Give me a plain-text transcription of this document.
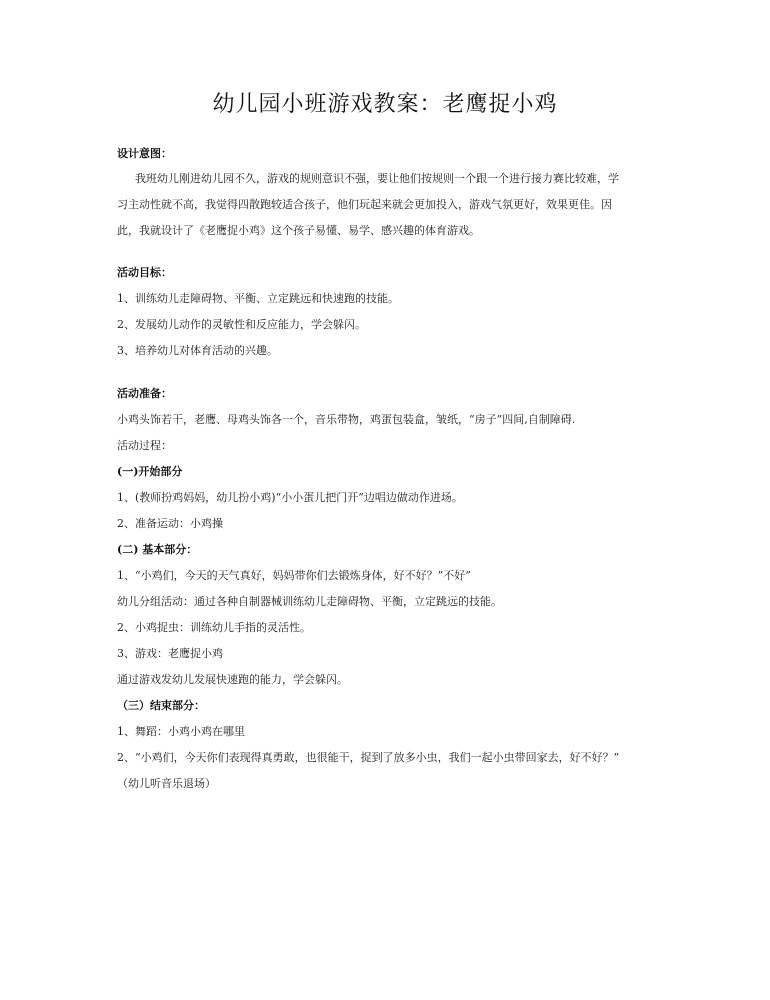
幼儿园小班游戏教案：老鹰捉小鸡
设计意图：
我班幼儿刚进幼儿园不久，游戏的规则意识不强，要让他们按规则一个跟一个进行接力赛比较难，学
习主动性就不高，我觉得四散跑较适合孩子，他们玩起来就会更加投入，游戏气氛更好，效果更佳。因
此，我就设计了《老鹰捉小鸡》这个孩子易懂、易学、感兴趣的体育游戏。
活动目标：
1、训练幼儿走障碍物、平衡、立定跳远和快速跑的技能。
2、发展幼儿动作的灵敏性和反应能力，学会躲闪。
3、培养幼儿对体育活动的兴趣。
活动准备：
小鸡头饰若干，老鹰、母鸡头饰各一个，音乐带物，鸡蛋包装盒，皱纸，“房子”四间,自制障碍.
活动过程：
(一)开始部分
1、(教师扮鸡妈妈，幼儿扮小鸡)“小小蛋儿把门开”边唱边做动作进场。
2、准备运动：小鸡操
(二) 基本部分：
1、“小鸡们，今天的天气真好，妈妈带你们去锻炼身体，好不好？”不好”
幼儿分组活动：通过各种自制器械训练幼儿走障碍物、平衡，立定跳远的技能。
2、小鸡捉虫：训练幼儿手指的灵活性。
3、游戏：老鹰捉小鸡
通过游戏发幼儿发展快速跑的能力，学会躲闪。
（三）结束部分：
1、舞蹈：小鸡小鸡在哪里
2、“小鸡们，今天你们表现得真勇敢，也很能干，捉到了放多小虫，我们一起小虫带回家去，好不好？”
（幼儿听音乐退场）
